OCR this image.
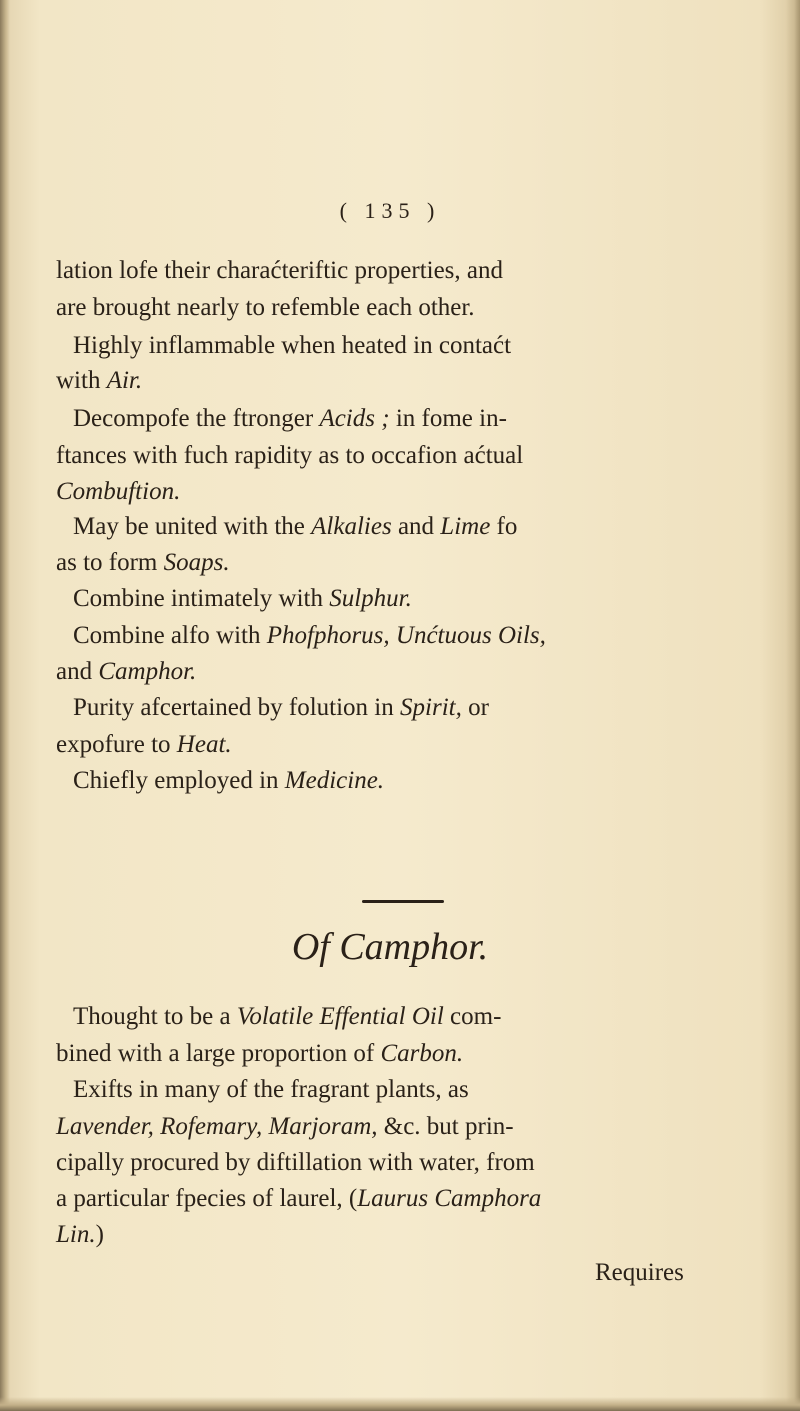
( 135 )
lation lofe their charaćteriftic properties, and
are brought nearly to refemble each other.
Highly inflammable when heated in contaćt
with Air.
Decompofe the ftronger Acids ; in fome in-
ftances with fuch rapidity as to occafion aćtual
Combuftion.
May be united with the Alkalies and Lime fo
as to form Soaps.
Combine intimately with Sulphur.
Combine alfo with Phofphorus, Unćtuous Oils,
and Camphor.
Purity afcertained by folution in Spirit, or
expofure to Heat.
Chiefly employed in Medicine.
Of Camphor.
Thought to be a Volatile Effential Oil com-
bined with a large proportion of Carbon.
Exifts in many of the fragrant plants, as
Lavender, Rofemary, Marjoram, &c. but prin-
cipally procured by diftillation with water, from
a particular fpecies of laurel, (Laurus Camphora
Lin.)
Requires
